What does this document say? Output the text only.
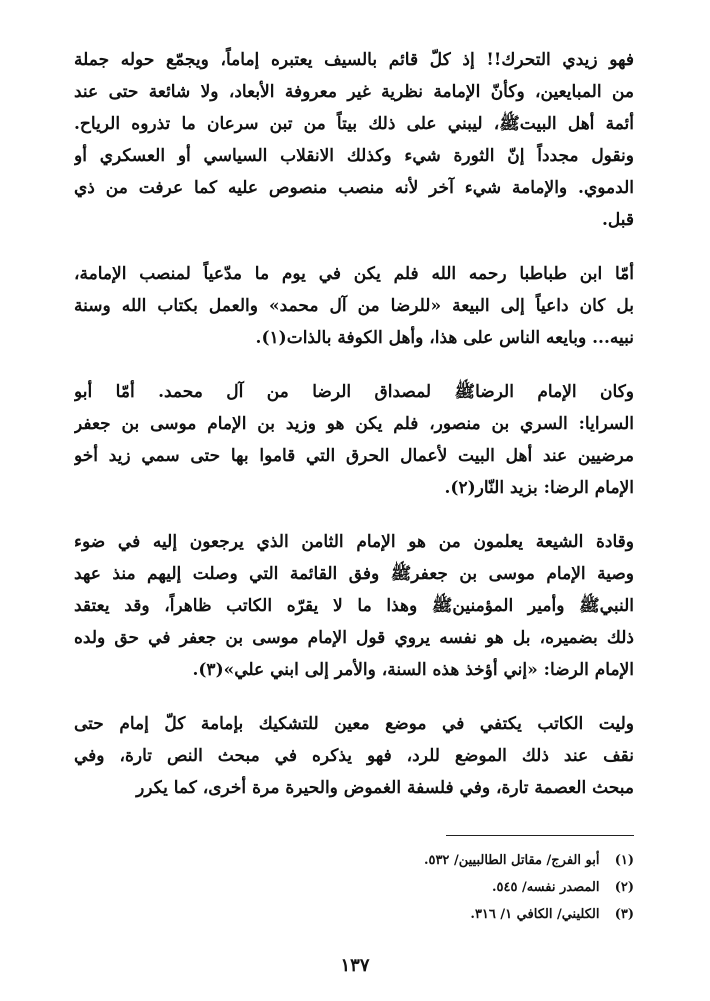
فهو زيدي التحرك!! إذ كلّ قائم بالسيف يعتبره إماماً، ويجمّع حوله جملة
من المبايعين، وكأنّ الإمامة نظرية غير معروفة الأبعاد، ولا شائعة حتى عند
أئمة أهل البيتﷺ، ليبني على ذلك بيتاً من تبن سرعان ما تذروه الرياح.
ونقول مجدداً إنّ الثورة شيء وكذلك الانقلاب السياسي أو العسكري أو
الدموي. والإمامة شيء آخر لأنه منصب منصوص عليه كما عرفت من ذي
قبل.

أمّا ابن طباطبا رحمه الله فلم يكن في يوم ما مدّعياً لمنصب الإمامة،
بل كان داعياً إلى البيعة «للرضا من آل محمد» والعمل بكتاب الله وسنة
نبيه... وبايعه الناس على هذا، وأهل الكوفة بالذات(١).

وكان الإمام الرضاﷺ لمصداق الرضا من آل محمد. أمّا أبو
السرايا: السري بن منصور، فلم يكن هو وزيد بن الإمام موسى بن جعفر
مرضيين عند أهل البيت لأعمال الحرق التي قاموا بها حتى سمي زيد أخو
الإمام الرضا: بزيد النّار(٢).

وقادة الشيعة يعلمون من هو الإمام الثامن الذي يرجعون إليه في ضوء
وصية الإمام موسى بن جعفرﷺ وفق القائمة التي وصلت إليهم منذ عهد
النبيﷺ وأمير المؤمنينﷺ وهذا ما لا يقرّه الكاتب ظاهراً، وقد يعتقد
ذلك بضميره، بل هو نفسه يروي قول الإمام موسى بن جعفر في حق ولده
الإمام الرضا: «إني أؤخذ هذه السنة، والأمر إلى ابني علي»(٣).

وليت الكاتب يكتفي في موضع معين للتشكيك بإمامة كلّ إمام حتى
نقف عند ذلك الموضع للرد، فهو يذكره في مبحث النص تارة، وفي
مبحث العصمة تارة، وفي فلسفة الغموض والحيرة مرة أخرى، كما يكرر

(١) أبو الفرج/ مقاتل الطالبيين/ ٥٣٢.
(٢) المصدر نفسه/ ٥٤٥.
(٣) الكليني/ الكافي ١/ ٣١٦.
١٣٧
